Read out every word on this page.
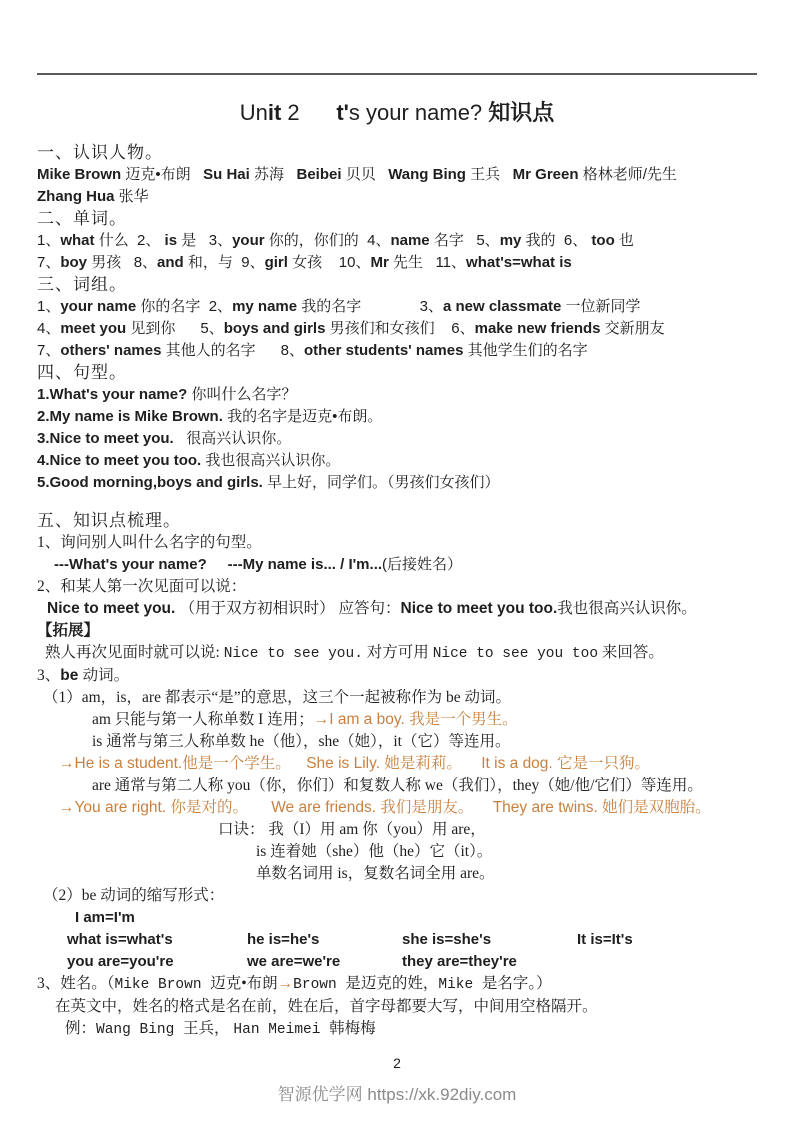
Unit 2      t's your name? 知识点
一、认识人物。
Mike Brown 迈克•布朗   Su Hai 苏海   Beibei 贝贝   Wang Bing 王兵   Mr Green 格林老师/先生
Zhang Hua 张华
二、单词。
1、what 什么  2、 is 是   3、your 你的，你们的  4、name 名字   5、my 我的  6、 too 也
7、boy 男孩   8、and 和，与  9、girl 女孩    10、Mr 先生   11、what's=what is
三、词组。
1、your name 你的名字  2、my name 我的名字              3、a new classmate 一位新同学
4、meet you 见到你      5、boys and girls 男孩们和女孩们    6、make new friends 交新朋友
7、others' names 其他人的名字      8、other students' names 其他学生们的名字
四、句型。
1.What's your name? 你叫什么名字？
2.My name is Mike Brown. 我的名字是迈克•布朗。
3.Nice to meet you.   很高兴认识你。
4.Nice to meet you too. 我也很高兴认识你。
5.Good morning,boys and girls. 早上好，同学们。（男孩们女孩们）
五、知识点梳理。
1、询问别人叫什么名字的句型。
---What's your name? ---My name is... / I'm...(后接姓名）
2、和某人第一次见面可以说：
Nice to meet you. （用于双方初相识时） 应答句：Nice to meet you too.我也很高兴认识你。
【拓展】
熟人再次见面时就可以说: Nice to see you. 对方可用 Nice to see you too 来回答。
3、be 动词。
（1）am，is，are 都表示“是”的意思，这三个一起被称作为 be 动词。
am 只能与第一人称单数 I 连用；→I am a boy. 我是一个男生。
is 通常与第三人称单数 he（他），she（她），it（它）等连用。
→He is a student.他是一个学生。 She is Lily. 她是莉莉。 It is a dog. 它是一只狗。
are 通常与第二人称 you（你，你们）和复数人称 we（我们），they（她/他/它们）等连用。
→You are right. 你是对的。 We are friends. 我们是朋友。 They are twins. 她们是双胞胎。
口诀： 我（I）用 am 你（you）用 are，
is 连着她（she）他（he）它（it）。
单数名词用 is，复数名词全用 are。
（2）be 动词的缩写形式：
I am=I'm
what is=what's	he is=he's	she is=she's	It is=It's
you are=you're	we are=we're	they are=they're
3、姓名。（Mike Brown 迈克•布朗→Brown 是迈克的姓，Mike 是名字。）
在英文中，姓名的格式是名在前，姓在后，首字母都要大写，中间用空格隔开。
例：Wang Bing 王兵， Han Meimei 韩梅梅
2
智源优学网 https://xk.92diy.com
